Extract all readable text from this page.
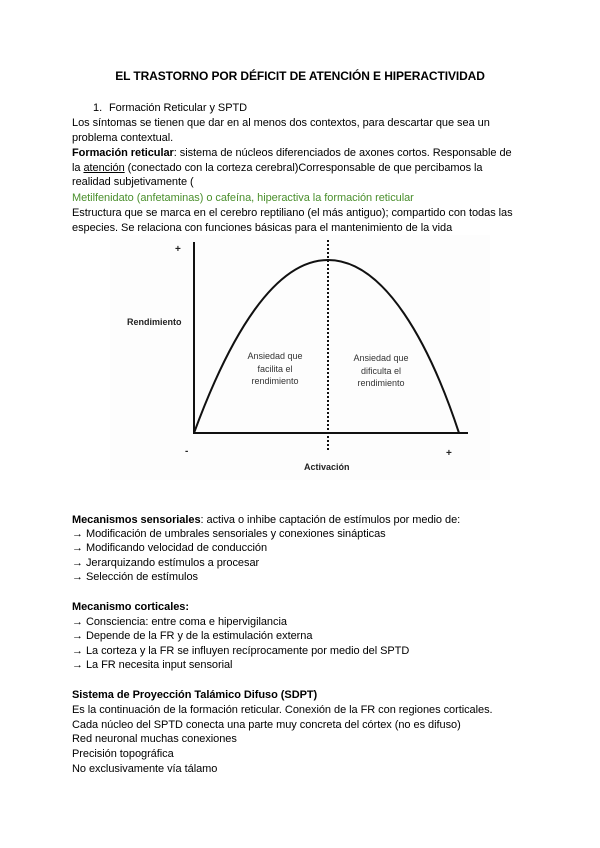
EL TRASTORNO POR DÉFICIT DE ATENCIÓN E HIPERACTIVIDAD
1. Formación Reticular y SPTD
Los síntomas se tienen que dar en al menos dos contextos, para descartar que sea un
problema contextual.
Formación reticular: sistema de núcleos diferenciados de axones cortos. Responsable de
la atención (conectado con la corteza cerebral)Corresponsable de que percibamos la
realidad subjetivamente (
Metilfenidato (anfetaminas) o cafeína, hiperactiva la formación reticular
Estructura que se marca en el cerebro reptiliano (el más antiguo); compartido con todas las
especies. Se relaciona con funciones básicas para el mantenimiento de la vida
+
Rendimiento
-	+
Activación
Ansiedad que
facilita el
rendimiento
Ansiedad que
dificulta el
rendimiento
Mecanismos sensoriales: activa o inhibe captación de estímulos por medio de:
→ Modificación de umbrales sensoriales y conexiones sinápticas
→ Modificando velocidad de conducción
→ Jerarquizando estímulos a procesar
→ Selección de estímulos
Mecanismo corticales:
→ Consciencia: entre coma e hipervigilancia
→ Depende de la FR y de la estimulación externa
→ La corteza y la FR se influyen recíprocamente por medio del SPTD
→ La FR necesita input sensorial
Sistema de Proyección Talámico Difuso (SDPT)
Es la continuación de la formación reticular. Conexión de la FR con regiones corticales.
Cada núcleo del SPTD conecta una parte muy concreta del córtex (no es difuso)
Red neuronal muchas conexiones
Precisión topográfica
No exclusivamente vía tálamo
